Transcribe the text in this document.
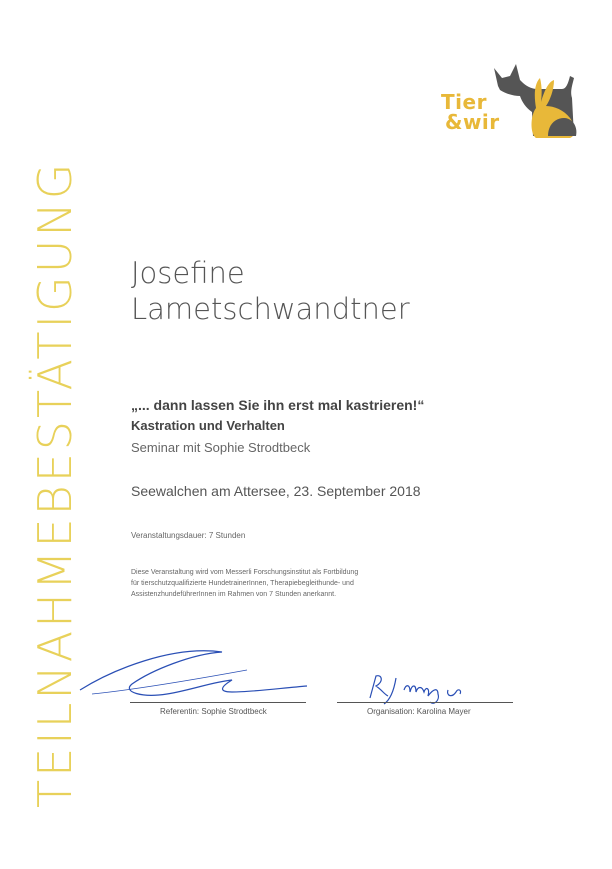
TEILNAHMEBESTÄTIGUNG
Tier
&wir
Josefine
Lametschwandtner
„... dann lassen Sie ihn erst mal kastrieren!“
Kastration und Verhalten
Seminar mit Sophie Strodtbeck
Seewalchen am Attersee, 23. September 2018
Veranstaltungsdauer: 7 Stunden
Diese Veranstaltung wird vom Messerli Forschungsinstitut als Fortbildung
für tierschutzqualifizierte HundetrainerInnen, Therapiebegleithunde- und
AssistenzhundeführerInnen im Rahmen von 7 Stunden anerkannt.
Referentin: Sophie Strodtbeck	Organisation: Karolina Mayer
